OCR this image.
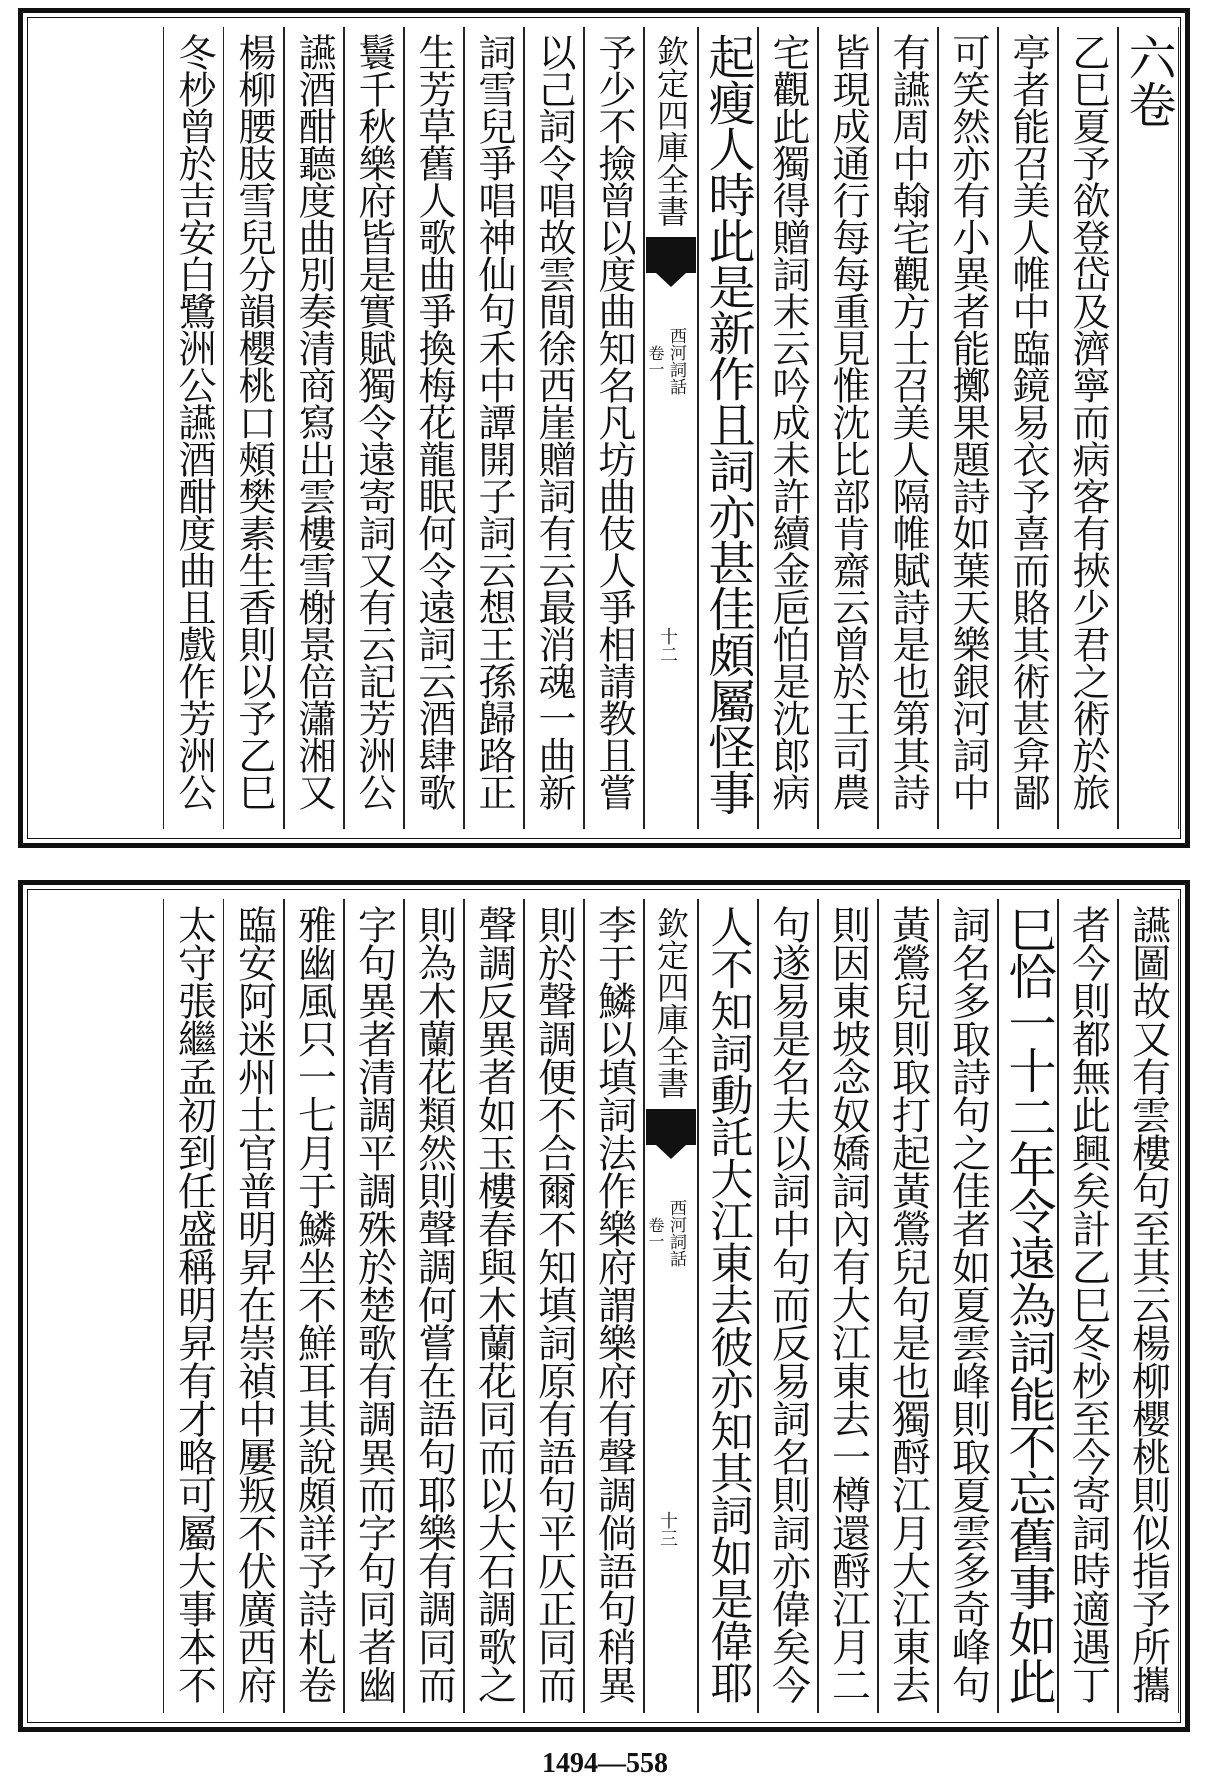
六卷
乙巳夏予欲登岱及濟寧而病客有挾少君之術於旅
亭者能召美人帷中臨鏡易衣予喜而賂其術甚弇鄙
可笑然亦有小異者能擲果題詩如葉天樂銀河詞中
有讌周中翰宅觀方士召美人隔帷賦詩是也第其詩
皆現成通行每每重見惟沈比部肯齋云曾於王司農
宅觀此獨得贈詞末云吟成未許續金巵怕是沈郎病
起瘦人時此是新作且詞亦甚佳頗屬怪事
欽定四庫全書
西河詞話
卷一
十二
予少不撿曾以度曲知名凡坊曲伎人爭相請教且嘗
以己詞令唱故雲間徐西崖贈詞有云最消魂一曲新
詞雪兒爭唱神仙句禾中譚開子詞云想王孫歸路正
生芳草舊人歌曲爭換梅花龍眠何令遠詞云酒肆歌
鬟千秋樂府皆是實賦獨令遠寄詞又有云記芳洲公
讌酒酣聽度曲別奏清商寫出雲樓雪榭景倍瀟湘又
楊柳腰肢雪兒分韻櫻桃口頰樊素生香則以予乙巳
冬杪曾於吉安白鷺洲公讌酒酣度曲且戲作芳洲公
讌圖故又有雲樓句至其云楊柳櫻桃則似指予所攜
者今則都無此興矣計乙巳冬杪至今寄詞時適遇丁
巳恰一十二年令遠為詞能不忘舊事如此
詞名多取詩句之佳者如夏雲峰則取夏雲多奇峰句
黃鶯兒則取打起黃鶯兒句是也獨酹江月大江東去
則因東坡念奴嬌詞內有大江東去一樽還酹江月二
句遂易是名夫以詞中句而反易詞名則詞亦偉矣今
人不知詞動託大江東去彼亦知其詞如是偉耶
欽定四庫全書
西河詞話
卷一
十三
李于鱗以填詞法作樂府謂樂府有聲調倘語句稍異
則於聲調便不合爾不知填詞原有語句平仄正同而
聲調反異者如玉樓春與木蘭花同而以大石調歌之
則為木蘭花類然則聲調何嘗在語句耶樂有調同而
字句異者清調平調殊於楚歌有調異而字句同者幽
雅幽風只一七月于鱗坐不鮮耳其說頗詳予詩札卷
臨安阿迷州土官普明昇在崇禎中屢叛不伏廣西府
太守張繼孟初到任盛稱明昇有才略可屬大事本不
1494—558
